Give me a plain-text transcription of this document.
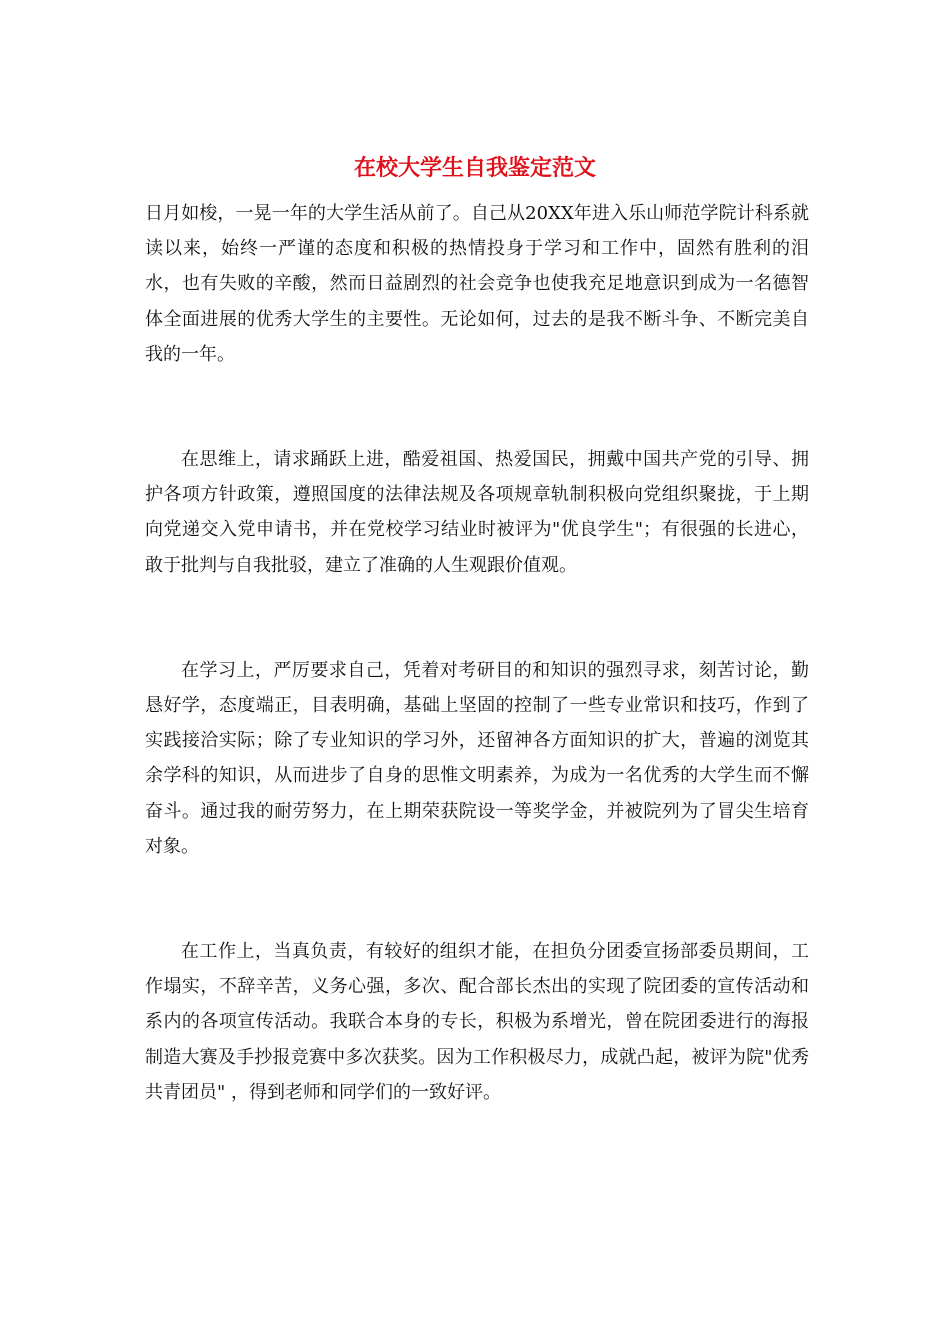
在校大学生自我鉴定范文

日月如梭，一晃一年的大学生活从前了。自己从20XX年进入乐山师范学院计科系就读以来，始终一严谨的态度和积极的热情投身于学习和工作中，固然有胜利的泪水，也有失败的辛酸，然而日益剧烈的社会竞争也使我充足地意识到成为一名德智体全面进展的优秀大学生的主要性。无论如何，过去的是我不断斗争、不断完美自我的一年。

在思维上，请求踊跃上进，酷爱祖国、热爱国民，拥戴中国共产党的引导、拥护各项方针政策，遵照国度的法律法规及各项规章轨制积极向党组织聚拢，于上期向党递交入党申请书，并在党校学习结业时被评为"优良学生"；有很强的长进心，敢于批判与自我批驳，建立了准确的人生观跟价值观。

在学习上，严厉要求自己，凭着对考研目的和知识的强烈寻求，刻苦讨论，勤恳好学，态度端正，目表明确，基础上坚固的控制了一些专业常识和技巧，作到了实践接洽实际；除了专业知识的学习外，还留神各方面知识的扩大，普遍的浏览其余学科的知识，从而进步了自身的思惟文明素养，为成为一名优秀的大学生而不懈奋斗。通过我的耐劳努力，在上期荣获院设一等奖学金，并被院列为了冒尖生培育对象。

在工作上，当真负责，有较好的组织才能，在担负分团委宣扬部委员期间，工作塌实，不辞辛苦，义务心强，多次、配合部长杰出的实现了院团委的宣传活动和系内的各项宣传活动。我联合本身的专长，积极为系增光，曾在院团委进行的海报制造大赛及手抄报竞赛中多次获奖。因为工作积极尽力，成就凸起，被评为院"优秀共青团员" ，得到老师和同学们的一致好评。
